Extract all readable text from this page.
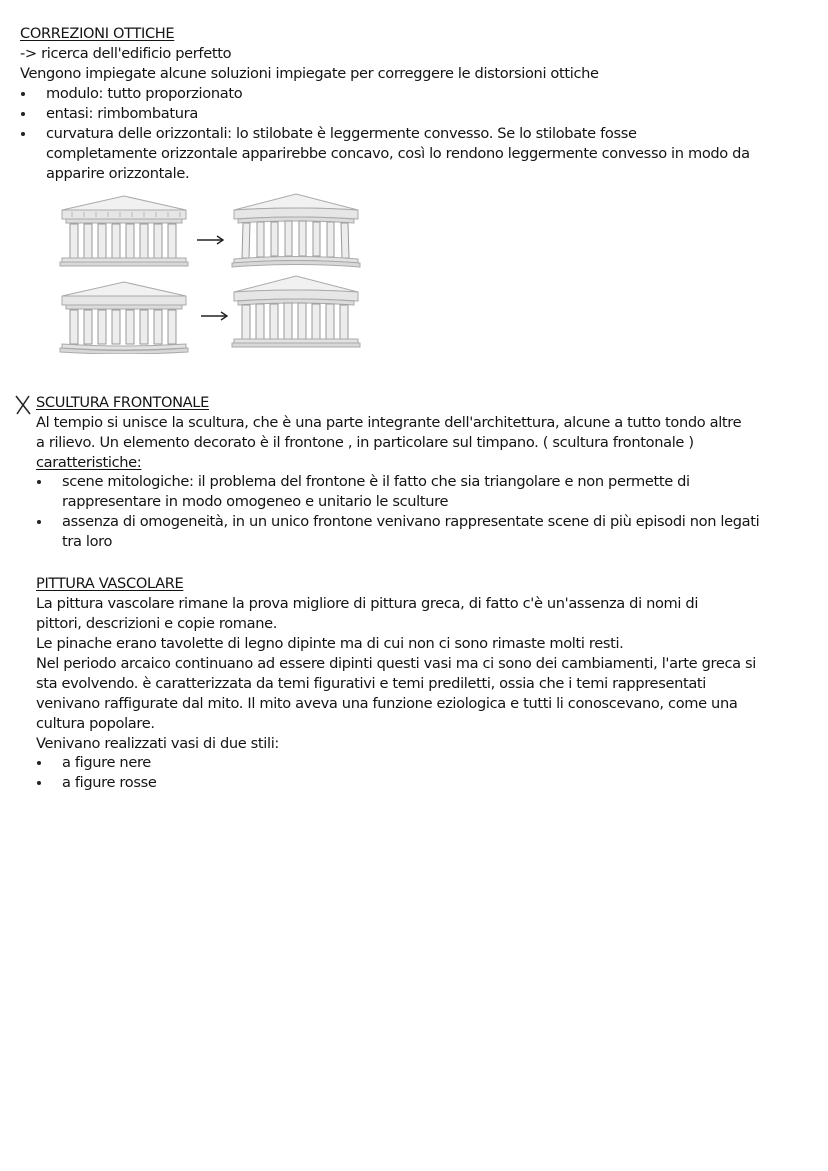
CORREZIONI OTTICHE
-> ricerca dell'edificio perfetto
Vengono impiegate alcune soluzioni impiegate per correggere le distorsioni ottiche
modulo: tutto proporzionato
entasi: rimbombatura
curvatura delle orizzontali: lo stilobate è leggermente convesso. Se lo stilobate fosse
completamente orizzontale apparirebbe concavo, così lo rendono leggermente convesso in modo da
apparire orizzontale.
SCULTURA FRONTONALE
Al tempio si unisce la scultura, che è una parte integrante dell'architettura, alcune a tutto tondo altre
a rilievo. Un elemento decorato è il frontone , in particolare sul timpano. ( scultura frontonale )
caratteristiche:
scene mitologiche: il problema del frontone è il fatto che sia triangolare e non permette di
rappresentare in modo omogeneo e unitario le sculture
assenza di omogeneità, in un unico frontone venivano rappresentate scene di più episodi non legati
tra loro
PITTURA VASCOLARE
La pittura vascolare rimane la prova migliore di pittura greca, di fatto c'è un'assenza di nomi di
pittori, descrizioni e copie romane.
Le pinache erano tavolette di legno dipinte ma di cui non ci sono rimaste molti resti.
Nel periodo arcaico continuano ad essere dipinti questi vasi ma ci sono dei cambiamenti, l'arte greca si
sta evolvendo. è caratterizzata da temi figurativi e temi prediletti, ossia che i temi rappresentati
venivano raffigurate dal mito. Il mito aveva una funzione eziologica e tutti li conoscevano, come una
cultura popolare.
Venivano realizzati vasi di due stili:
a figure nere
a figure rosse
